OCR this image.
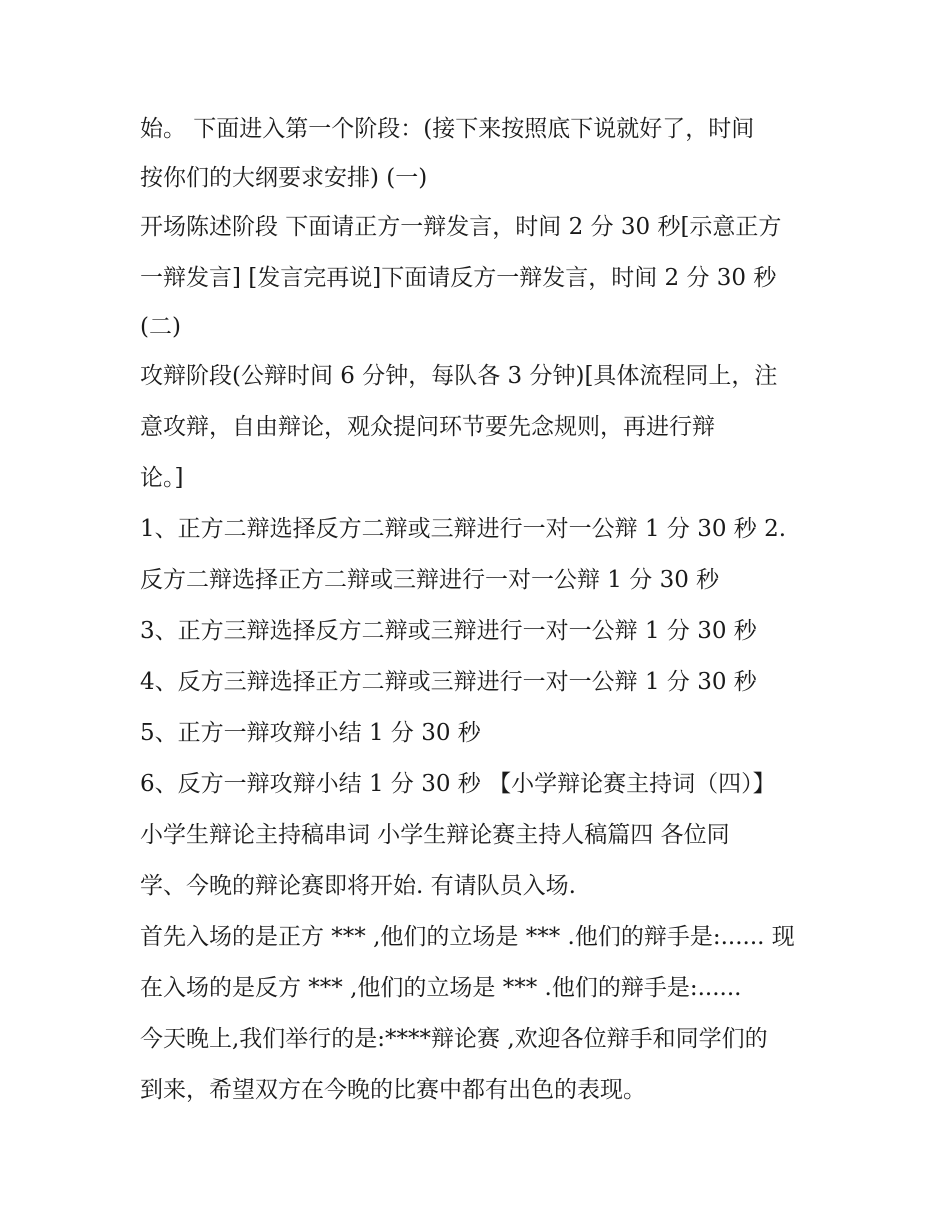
始。 下面进入第一个阶段：(接下来按照底下说就好了，时间
按你们的大纲要求安排) (一)
开场陈述阶段 下面请正方一辩发言，时间 2 分 30 秒[示意正方
一辩发言] [发言完再说]下面请反方一辩发言，时间 2 分 30 秒
(二)
攻辩阶段(公辩时间 6 分钟，每队各 3 分钟)[具体流程同上，注
意攻辩，自由辩论，观众提问环节要先念规则，再进行辩
论。]
1、正方二辩选择反方二辩或三辩进行一对一公辩 1 分 30 秒 2.
反方二辩选择正方二辩或三辩进行一对一公辩 1 分 30 秒
3、正方三辩选择反方二辩或三辩进行一对一公辩 1 分 30 秒
4、反方三辩选择正方二辩或三辩进行一对一公辩 1 分 30 秒
5、正方一辩攻辩小结 1 分 30 秒
6、反方一辩攻辩小结 1 分 30 秒 【小学辩论赛主持词（四）】
小学生辩论主持稿串词 小学生辩论赛主持人稿篇四 各位同
学、今晚的辩论赛即将开始. 有请队员入场.
首先入场的是正方 *** ,他们的立场是 *** .他们的辩手是:...... 现
在入场的是反方 *** ,他们的立场是 *** .他们的辩手是:......
今天晚上,我们举行的是:****辩论赛 ,欢迎各位辩手和同学们的
到来，希望双方在今晚的比赛中都有出色的表现。
